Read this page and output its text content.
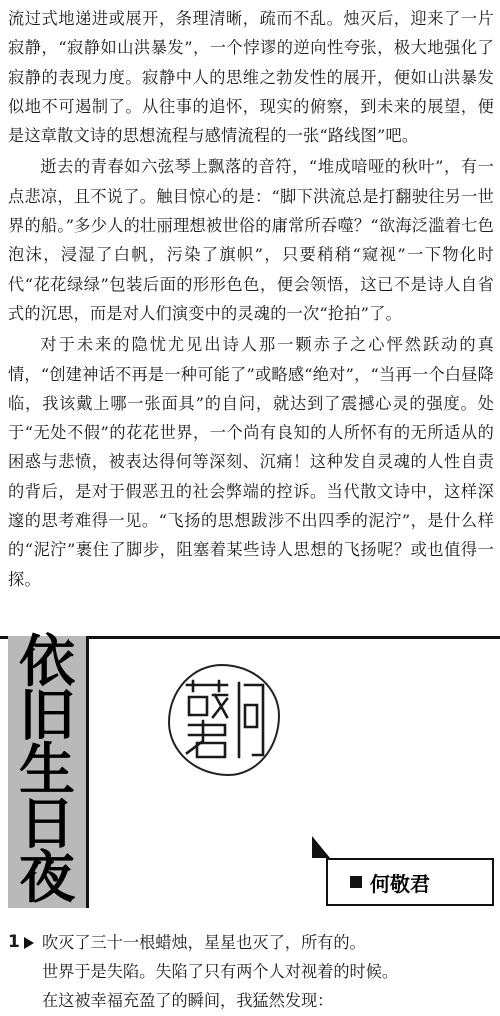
流过式地递进或展开，条理清晰，疏而不乱。烛灭后，迎来了一片寂静，“寂静如山洪暴发”，一个悖谬的逆向性夸张，极大地强化了寂静的表现力度。寂静中人的思维之勃发性的展开，便如山洪暴发似地不可遏制了。从往事的追怀，现实的俯察，到未来的展望，便是这章散文诗的思想流程与感情流程的一张“路线图”吧。

逝去的青春如六弦琴上飘落的音符，“堆成喑哑的秋叶”，有一点悲凉，且不说了。触目惊心的是：“脚下洪流总是打翻驶往另一世界的船。”多少人的壮丽理想被世俗的庸常所吞噬？“欲海泛滥着七色泡沫，浸湿了白帆，污染了旗帜”，只要稍稍“窥视”一下物化时代“花花绿绿”包装后面的形形色色，便会领悟，这已不是诗人自省式的沉思，而是对人们演变中的灵魂的一次“抢拍”了。

对于未来的隐忧尤见出诗人那一颗赤子之心怦然跃动的真情，“创建神话不再是一种可能了”或略感“绝对”，“当再一个白昼降临，我该戴上哪一张面具”的自问，就达到了震撼心灵的强度。处于“无处不假”的花花世界，一个尚有良知的人所怀有的无所适从的困惑与悲愤，被表达得何等深刻、沉痛！这种发自灵魂的人性自责的背后，是对于假恶丑的社会弊端的控诉。当代散文诗中，这样深邃的思考难得一见。“飞扬的思想跋涉不出四季的泥泞”，是什么样的“泥泞”裹住了脚步，阻塞着某些诗人思想的飞扬呢？或也值得一探。

依
旧
生
日
夜	何敬君
1 吹灭了三十一根蜡烛，星星也灭了，所有的。
世界于是失陷。失陷了只有两个人对视着的时候。
在这被幸福充盈了的瞬间，我猛然发现：
